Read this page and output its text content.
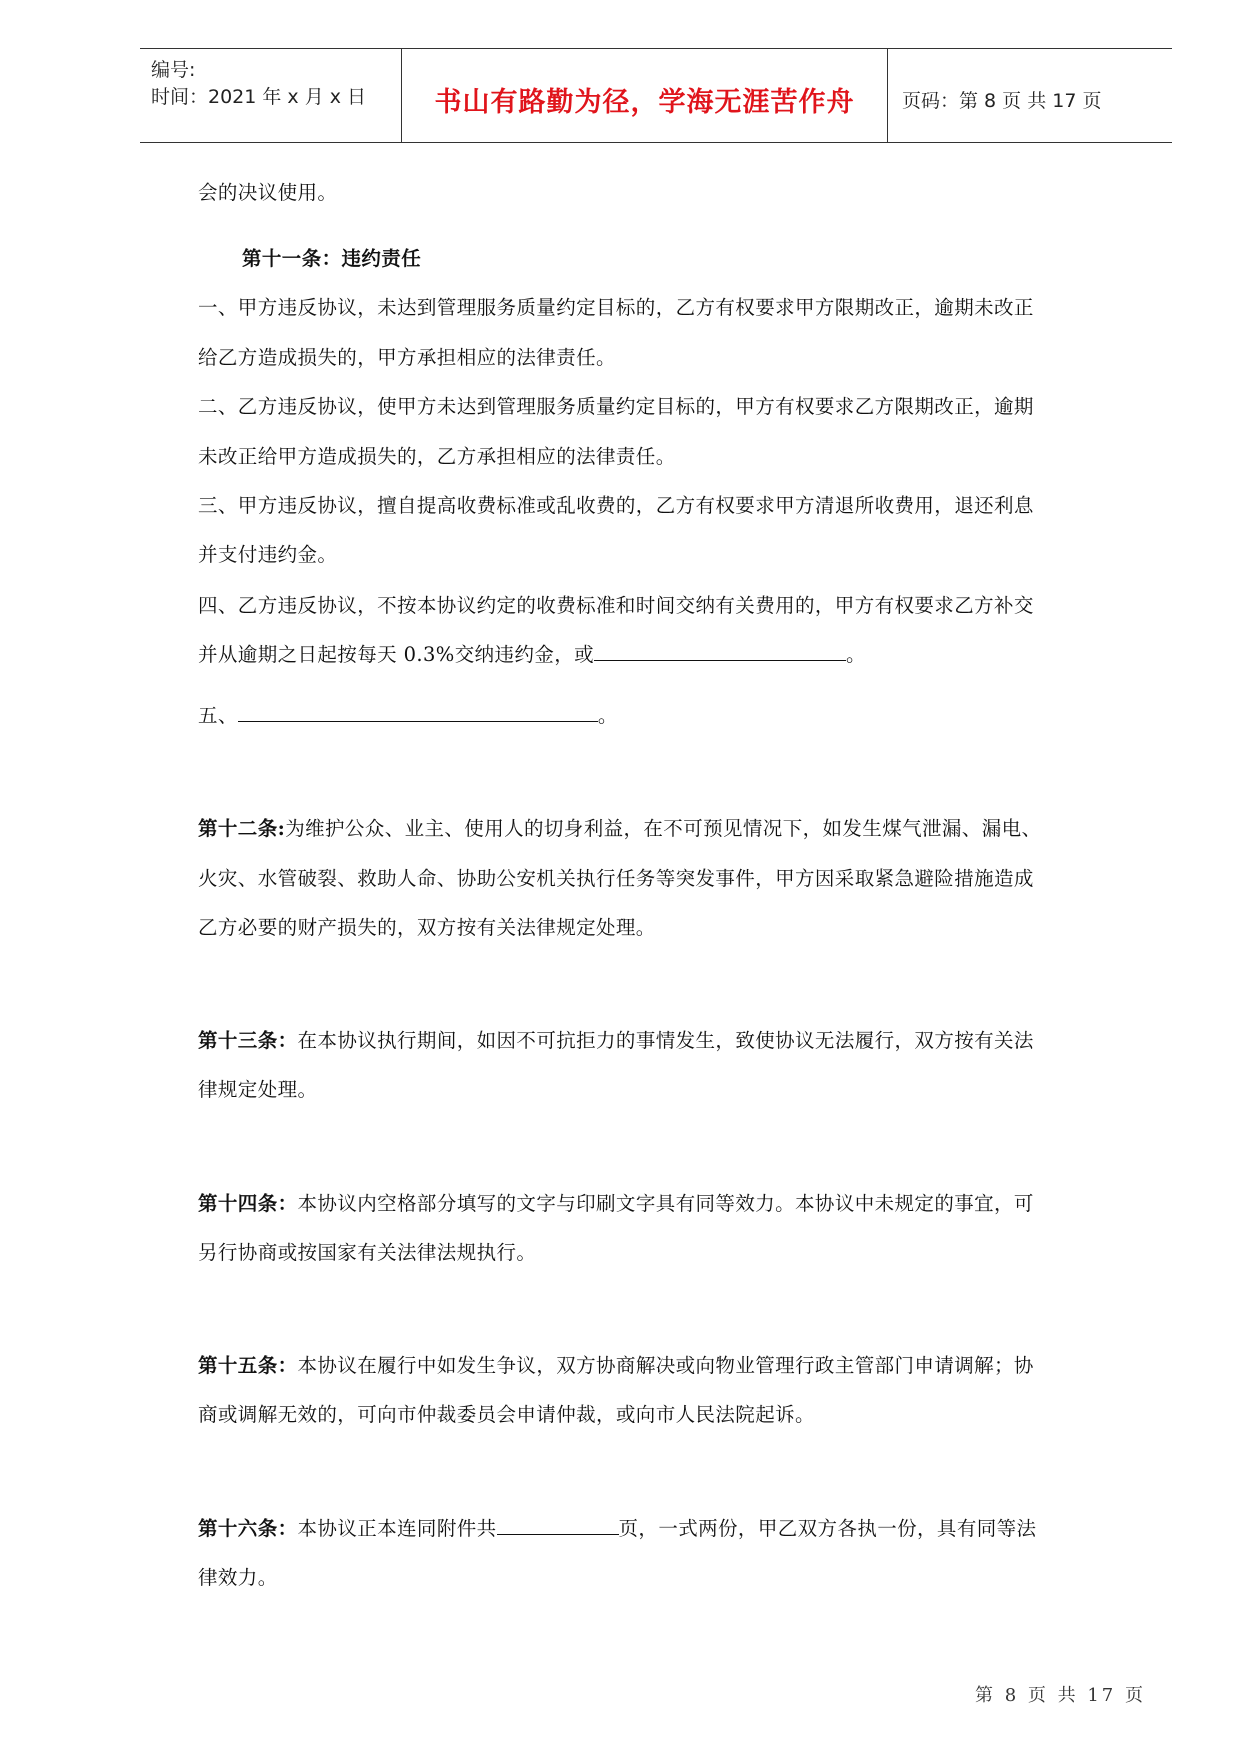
编号:
时间：2021 年 x 月 x 日	书山有路勤为径，学海无涯苦作舟	页码：第 8 页 共 17 页
会的决议使用。
第十一条：违约责任
一、甲方违反协议，未达到管理服务质量约定目标的，乙方有权要求甲方限期改正，逾期未改正
给乙方造成损失的，甲方承担相应的法律责任。
二、乙方违反协议，使甲方未达到管理服务质量约定目标的，甲方有权要求乙方限期改正，逾期
未改正给甲方造成损失的，乙方承担相应的法律责任。
三、甲方违反协议，擅自提高收费标准或乱收费的，乙方有权要求甲方清退所收费用，退还利息
并支付违约金。
四、乙方违反协议，不按本协议约定的收费标准和时间交纳有关费用的，甲方有权要求乙方补交
并从逾期之日起按每天 0.3%交纳违约金，或	。
五、	。
第十二条:为维护公众、业主、使用人的切身利益，在不可预见情况下，如发生煤气泄漏、漏电、
火灾、水管破裂、救助人命、协助公安机关执行任务等突发事件，甲方因采取紧急避险措施造成
乙方必要的财产损失的，双方按有关法律规定处理。
第十三条：在本协议执行期间，如因不可抗拒力的事情发生，致使协议无法履行，双方按有关法
律规定处理。
第十四条：本协议内空格部分填写的文字与印刷文字具有同等效力。本协议中未规定的事宜，可
另行协商或按国家有关法律法规执行。
第十五条：本协议在履行中如发生争议，双方协商解决或向物业管理行政主管部门申请调解；协
商或调解无效的，可向市仲裁委员会申请仲裁，或向市人民法院起诉。
第十六条：本协议正本连同附件共	页，一式两份，甲乙双方各执一份，具有同等法
律效力。
第 8 页 共 17 页
